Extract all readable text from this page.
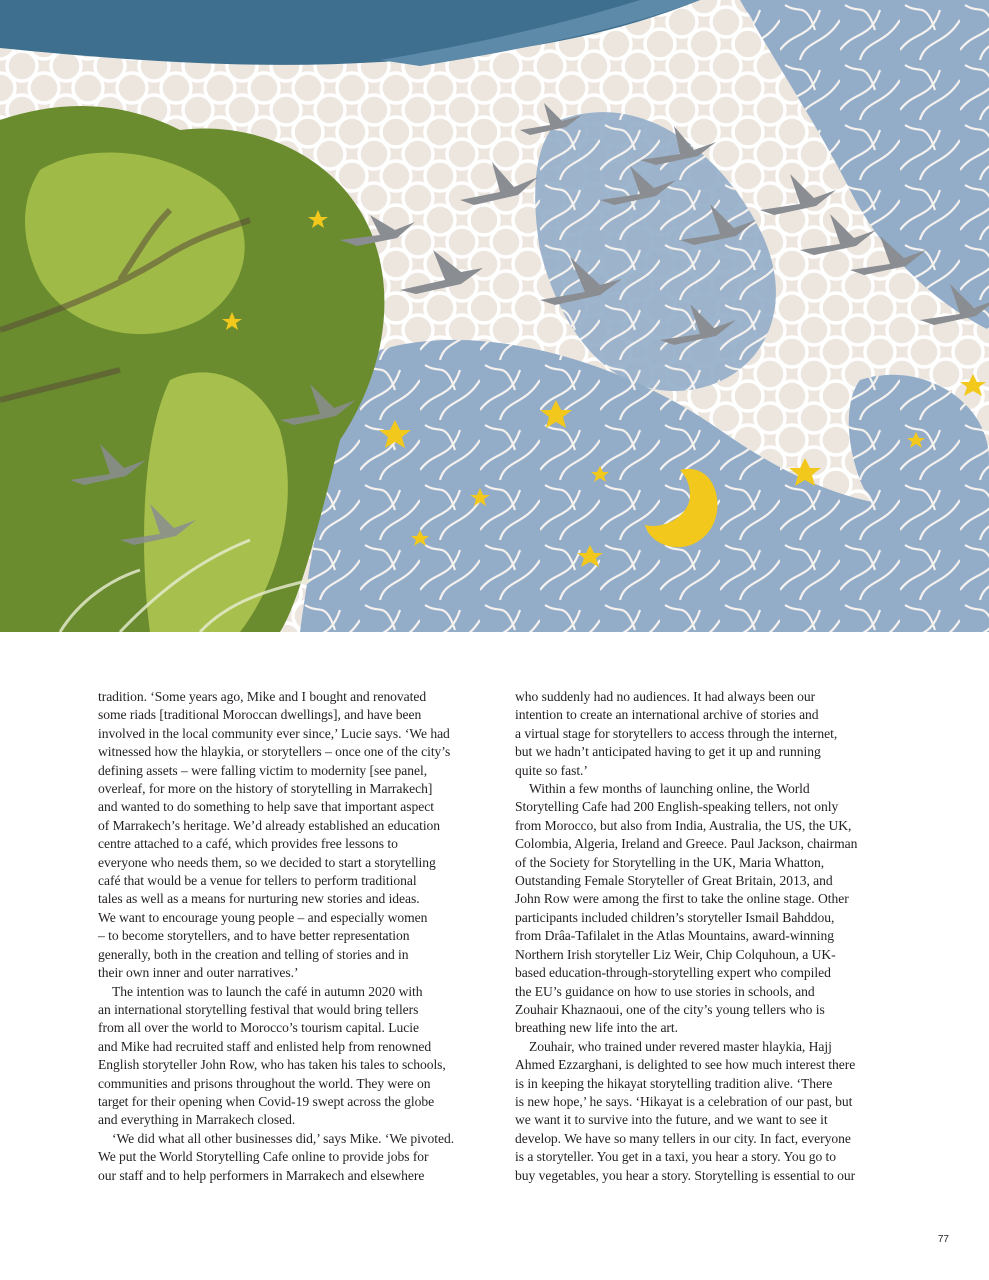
tradition. ‘Some years ago, Mike and I bought and renovated
some riads [traditional Moroccan dwellings], and have been
involved in the local community ever since,’ Lucie says. ‘We had
witnessed how the hlaykia, or storytellers – once one of the city’s
defining assets – were falling victim to modernity [see panel,
overleaf, for more on the history of storytelling in Marrakech]
and wanted to do something to help save that important aspect
of Marrakech’s heritage. We’d already established an education
centre attached to a café, which provides free lessons to
everyone who needs them, so we decided to start a storytelling
café that would be a venue for tellers to perform traditional
tales as well as a means for nurturing new stories and ideas.
We want to encourage young people – and especially women
– to become storytellers, and to have better representation
generally, both in the creation and telling of stories and in
their own inner and outer narratives.’

The intention was to launch the café in autumn 2020 with
an international storytelling festival that would bring tellers
from all over the world to Morocco’s tourism capital. Lucie
and Mike had recruited staff and enlisted help from renowned
English storyteller John Row, who has taken his tales to schools,
communities and prisons throughout the world. They were on
target for their opening when Covid-19 swept across the globe
and everything in Marrakech closed.

‘We did what all other businesses did,’ says Mike. ‘We pivoted.
We put the World Storytelling Cafe online to provide jobs for
our staff and to help performers in Marrakech and elsewhere

who suddenly had no audiences. It had always been our
intention to create an international archive of stories and
a virtual stage for storytellers to access through the internet,
but we hadn’t anticipated having to get it up and running
quite so fast.’

Within a few months of launching online, the World
Storytelling Cafe had 200 English-speaking tellers, not only
from Morocco, but also from India, Australia, the US, the UK,
Colombia, Algeria, Ireland and Greece. Paul Jackson, chairman
of the Society for Storytelling in the UK, Maria Whatton,
Outstanding Female Storyteller of Great Britain, 2013, and
John Row were among the first to take the online stage. Other
participants included children’s storyteller Ismail Bahddou,
from Drâa-Tafilalet in the Atlas Mountains, award-winning
Northern Irish storyteller Liz Weir, Chip Colquhoun, a UK-
based education-through-storytelling expert who compiled
the EU’s guidance on how to use stories in schools, and
Zouhair Khaznaoui, one of the city’s young tellers who is
breathing new life into the art.

Zouhair, who trained under revered master hlaykia, Hajj
Ahmed Ezzarghani, is delighted to see how much interest there
is in keeping the hikayat storytelling tradition alive. ‘There
is new hope,’ he says. ‘Hikayat is a celebration of our past, but
we want it to survive into the future, and we want to see it
develop. We have so many tellers in our city. In fact, everyone
is a storyteller. You get in a taxi, you hear a story. You go to
buy vegetables, you hear a story. Storytelling is essential to our

77
